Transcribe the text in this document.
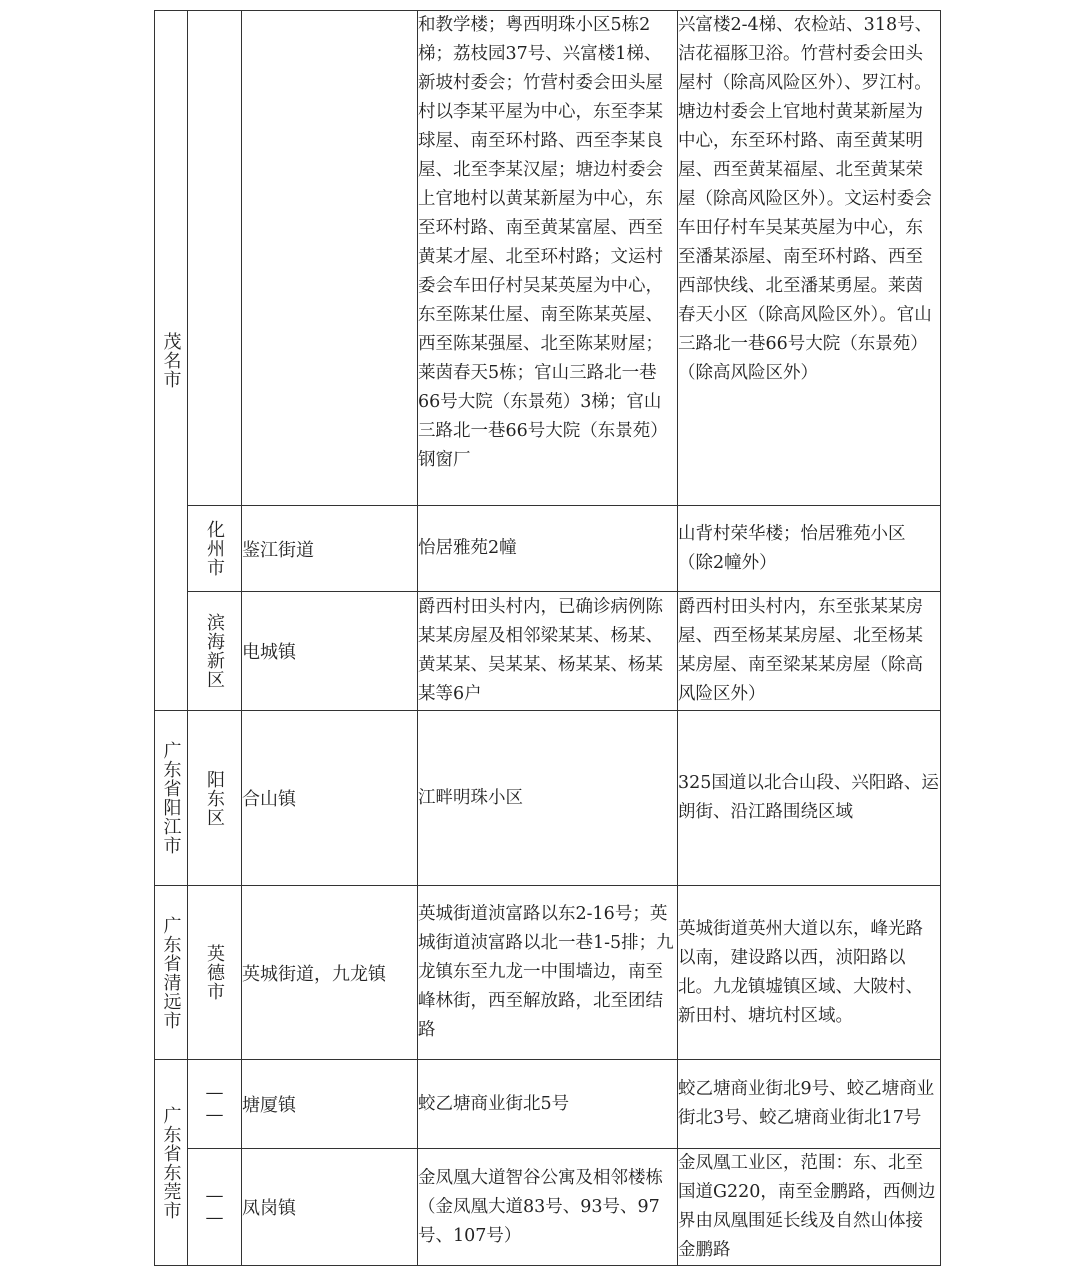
茂名市			和教学楼；粤西明珠小区5栋2梯；荔枝园37号、兴富楼1梯、新坡村委会；竹营村委会田头屋村以李某平屋为中心，东至李某球屋、南至环村路、西至李某良屋、北至李某汉屋；塘边村委会上官地村以黄某新屋为中心，东至环村路、南至黄某富屋、西至黄某才屋、北至环村路；文运村委会车田仔村吴某英屋为中心，东至陈某仕屋、南至陈某英屋、西至陈某强屋、北至陈某财屋；莱茵春天5栋；官山三路北一巷66号大院（东景苑）3梯；官山三路北一巷66号大院（东景苑）钢窗厂	兴富楼2-4梯、农检站、318号、洁花福豚卫浴。竹营村委会田头屋村（除高风险区外）、罗江村。塘边村委会上官地村黄某新屋为中心，东至环村路、南至黄某明屋、西至黄某福屋、北至黄某荣屋（除高风险区外）。文运村委会车田仔村车吴某英屋为中心，东至潘某添屋、南至环村路、西至西部快线、北至潘某勇屋。莱茵春天小区（除高风险区外）。官山三路北一巷66号大院（东景苑）（除高风险区外）

	化州市	鉴江街道	怡居雅苑2幢	山背村荣华楼；怡居雅苑小区（除2幢外）

	滨海新区	电城镇	爵西村田头村内，已确诊病例陈某某房屋及相邻梁某某、杨某、黄某某、吴某某、杨某某、杨某某等6户	爵西村田头村内，东至张某某房屋、西至杨某某房屋、北至杨某某房屋、南至梁某某房屋（除高风险区外）

广东省阳江市	阳东区	合山镇	江畔明珠小区	325国道以北合山段、兴阳路、运朗街、沿江路围绕区域

广东省清远市	英德市	英城街道，九龙镇	英城街道浈富路以东2-16号；英城街道浈富路以北一巷1-5排；九龙镇东至九龙一中围墙边，南至峰林街，西至解放路，北至团结路	英城街道英州大道以东，峰光路以南，建设路以西，浈阳路以北。九龙镇墟镇区域、大陂村、新田村、塘坑村区域。

广东省东莞市	——	塘厦镇	蛟乙塘商业街北5号	蛟乙塘商业街北9号、蛟乙塘商业街北3号、蛟乙塘商业街北17号

	——	凤岗镇	金凤凰大道智谷公寓及相邻楼栋（金凤凰大道83号、93号、97号、107号）	金凤凰工业区，范围：东、北至国道G220，南至金鹏路，西侧边界由凤凰围延长线及自然山体接金鹏路
